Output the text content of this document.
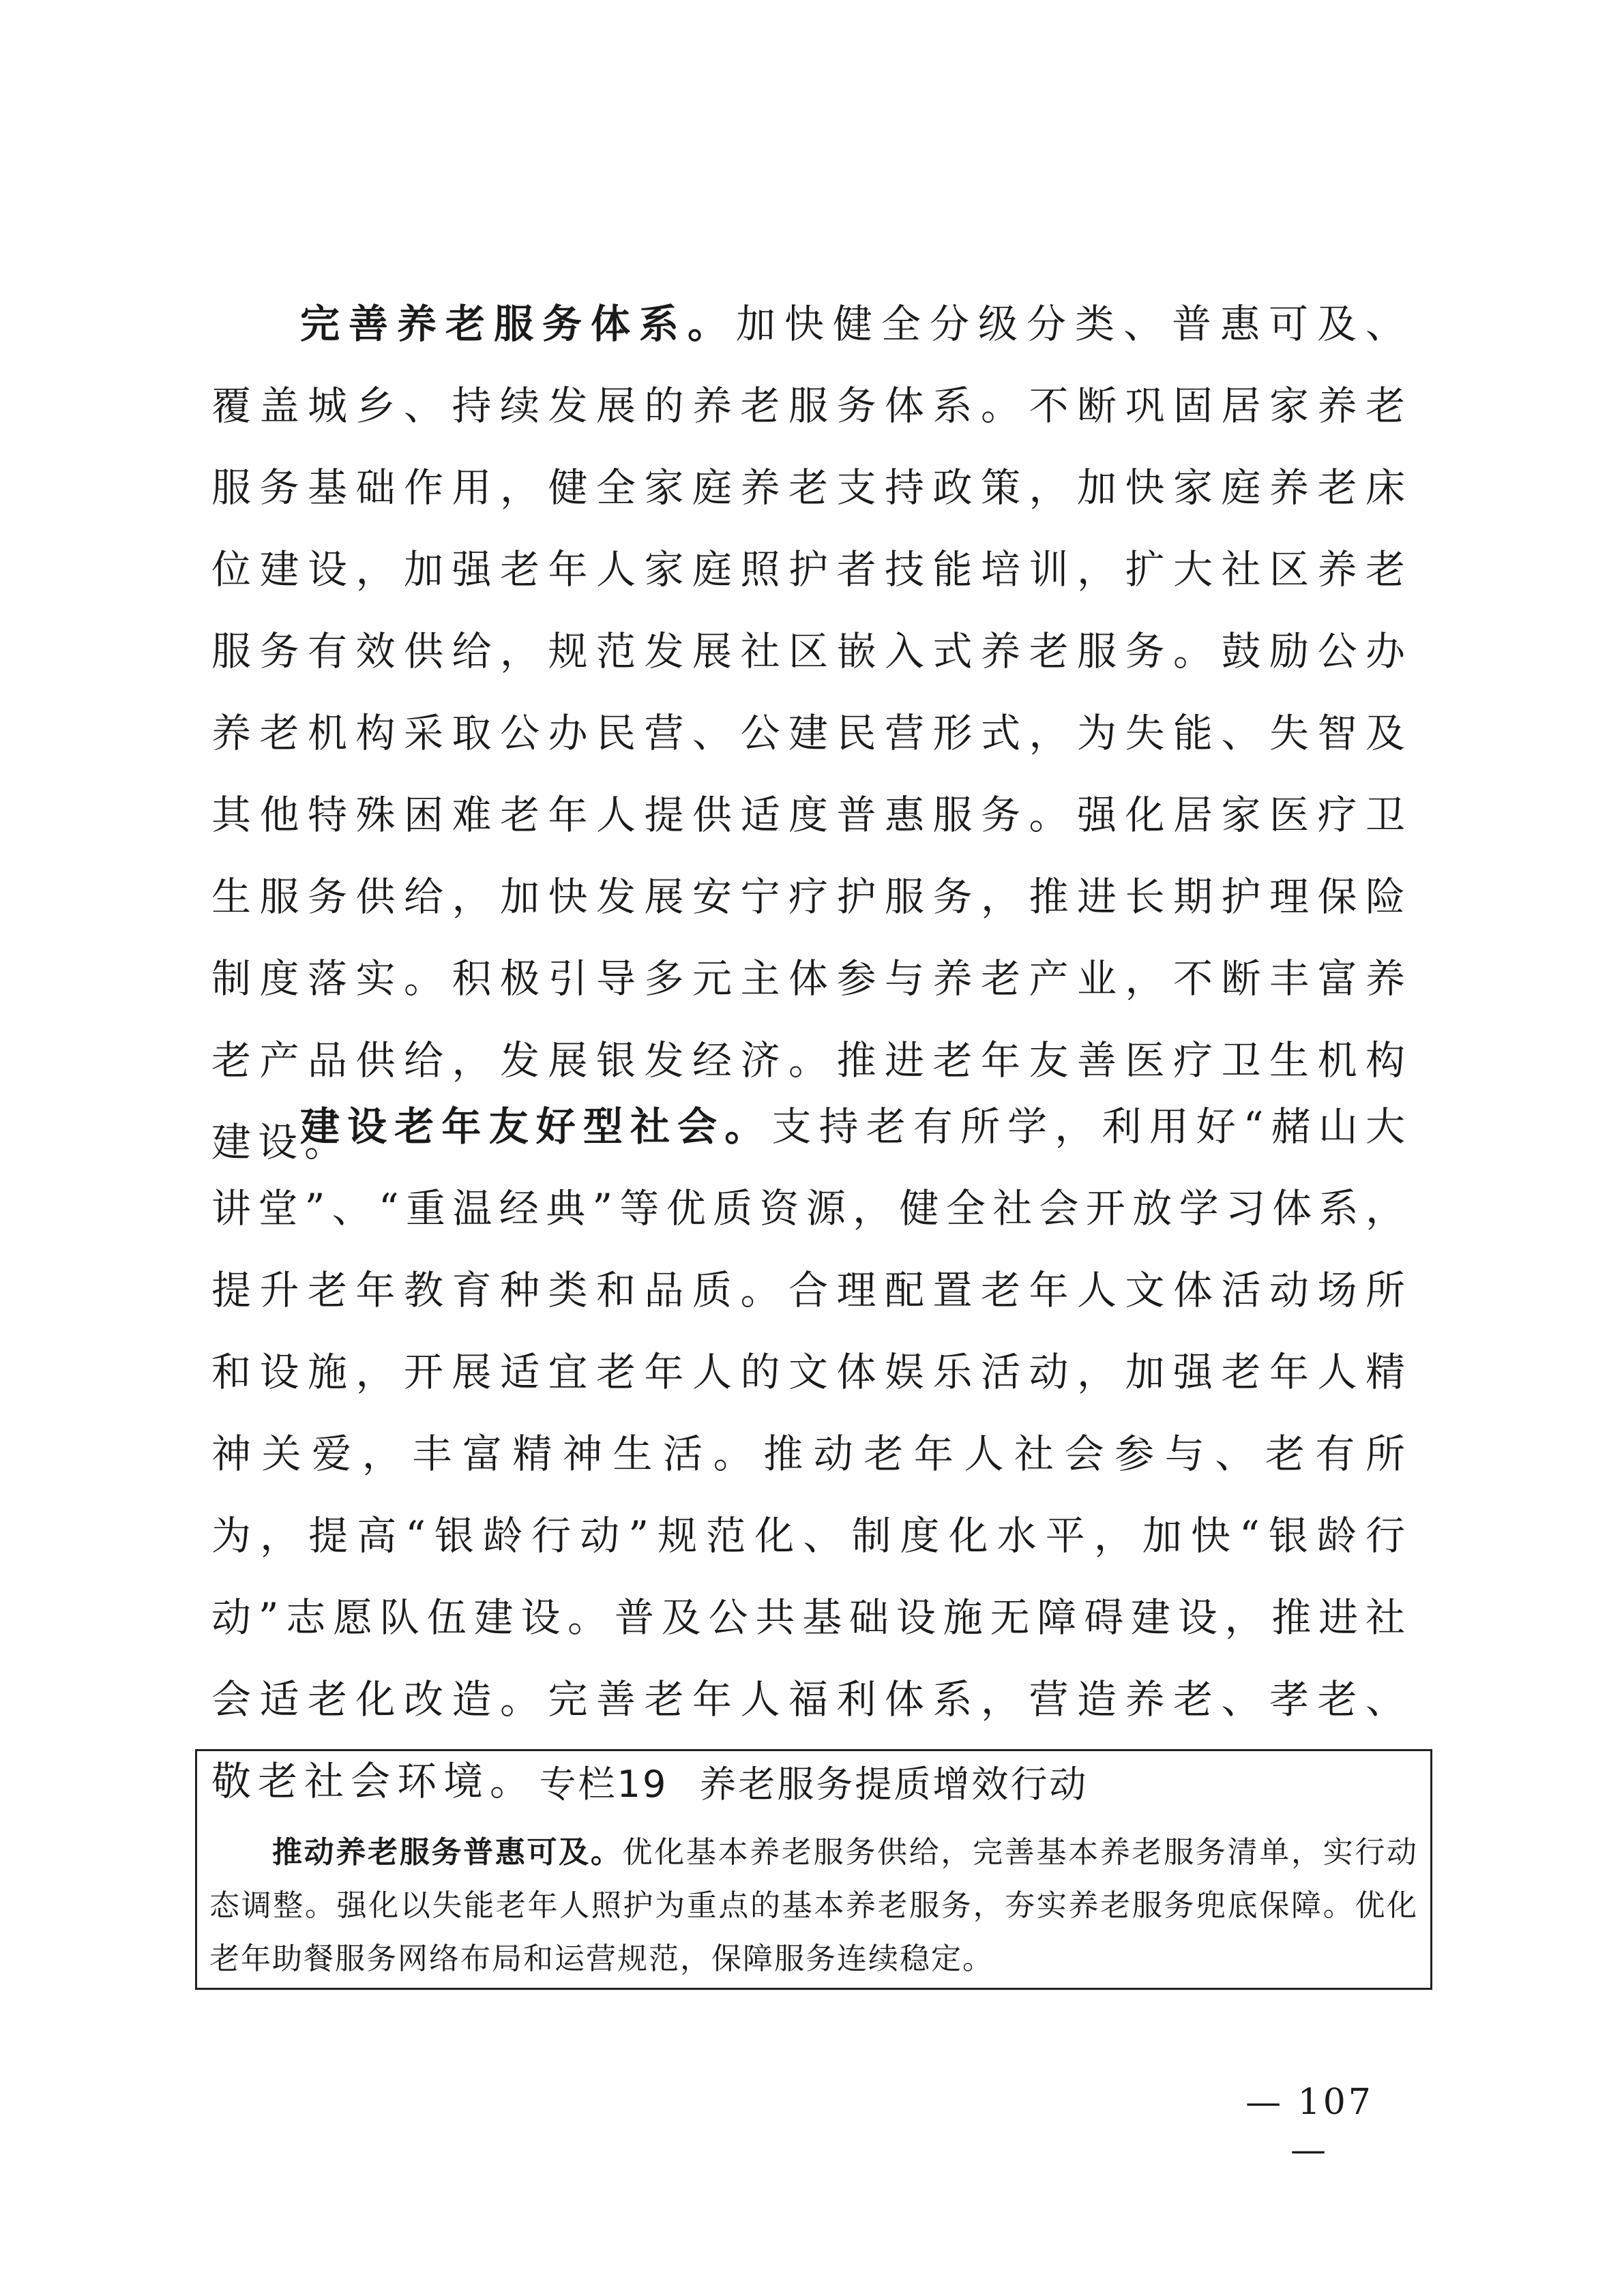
完善养老服务体系。加快健全分级分类、普惠可及、覆盖城乡、持续发展的养老服务体系。不断巩固居家养老服务基础作用，健全家庭养老支持政策，加快家庭养老床位建设，加强老年人家庭照护者技能培训，扩大社区养老服务有效供给，规范发展社区嵌入式养老服务。鼓励公办养老机构采取公办民营、公建民营形式，为失能、失智及其他特殊困难老年人提供适度普惠服务。强化居家医疗卫生服务供给，加快发展安宁疗护服务，推进长期护理保险制度落实。积极引导多元主体参与养老产业，不断丰富养老产品供给，发展银发经济。推进老年友善医疗卫生机构建设。

建设老年友好型社会。支持老有所学，利用好“赭山大讲堂”、“重温经典”等优质资源，健全社会开放学习体系，提升老年教育种类和品质。合理配置老年人文体活动场所和设施，开展适宜老年人的文体娱乐活动，加强老年人精神关爱，丰富精神生活。推动老年人社会参与、老有所为，提高“银龄行动”规范化、制度化水平，加快“银龄行动”志愿队伍建设。普及公共基础设施无障碍建设，推进社会适老化改造。完善老年人福利体系，营造养老、孝老、敬老社会环境。 专栏19 养老服务提质增效行动

推动养老服务普惠可及。优化基本养老服务供给，完善基本养老服务清单，实行动态调整。强化以失能老年人照护为重点的基本养老服务，夯实养老服务兜底保障。优化老年助餐服务网络布局和运营规范，保障服务连续稳定。

— 107 —
